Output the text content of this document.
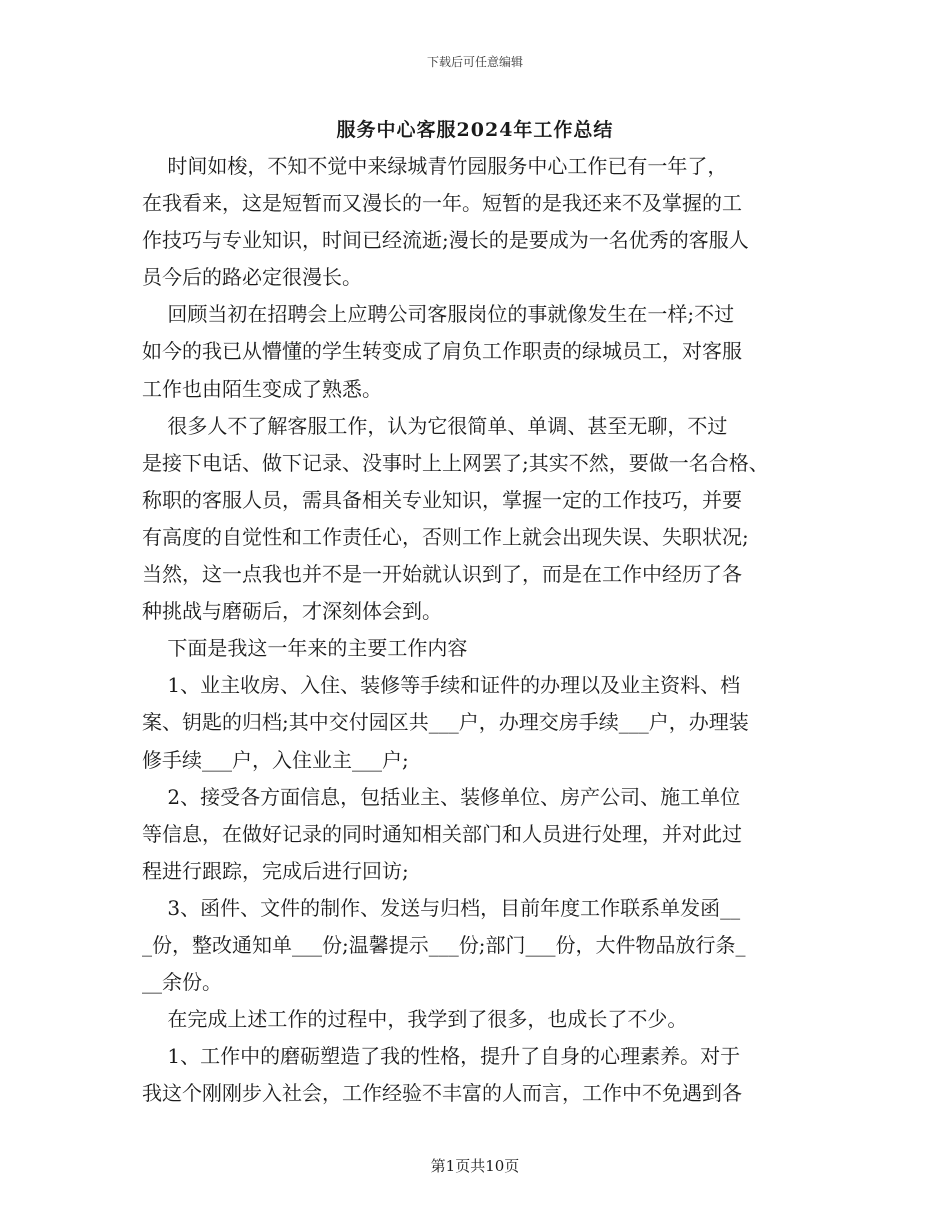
下载后可任意编辑
服务中心客服2024年工作总结
时间如梭，不知不觉中来绿城青竹园服务中心工作已有一年了，
在我看来，这是短暂而又漫长的一年。短暂的是我还来不及掌握的工
作技巧与专业知识，时间已经流逝;漫长的是要成为一名优秀的客服人
员今后的路必定很漫长。
回顾当初在招聘会上应聘公司客服岗位的事就像发生在一样;不过
如今的我已从懵懂的学生转变成了肩负工作职责的绿城员工，对客服
工作也由陌生变成了熟悉。
很多人不了解客服工作，认为它很简单、单调、甚至无聊，不过
是接下电话、做下记录、没事时上上网罢了;其实不然，要做一名合格、
称职的客服人员，需具备相关专业知识，掌握一定的工作技巧，并要
有高度的自觉性和工作责任心，否则工作上就会出现失误、失职状况;
当然，这一点我也并不是一开始就认识到了，而是在工作中经历了各
种挑战与磨砺后，才深刻体会到。
下面是我这一年来的主要工作内容
1、业主收房、入住、装修等手续和证件的办理以及业主资料、档
案、钥匙的归档;其中交付园区共___户，办理交房手续___户，办理装
修手续___户，入住业主___户;
2、接受各方面信息，包括业主、装修单位、房产公司、施工单位
等信息，在做好记录的同时通知相关部门和人员进行处理，并对此过
程进行跟踪，完成后进行回访;
3、函件、文件的制作、发送与归档，目前年度工作联系单发函__
_份，整改通知单___份;温馨提示___份;部门___份，大件物品放行条_
__余份。
在完成上述工作的过程中，我学到了很多，也成长了不少。
1、工作中的磨砺塑造了我的性格，提升了自身的心理素养。对于
我这个刚刚步入社会，工作经验不丰富的人而言，工作中不免遇到各
第1页共10页
